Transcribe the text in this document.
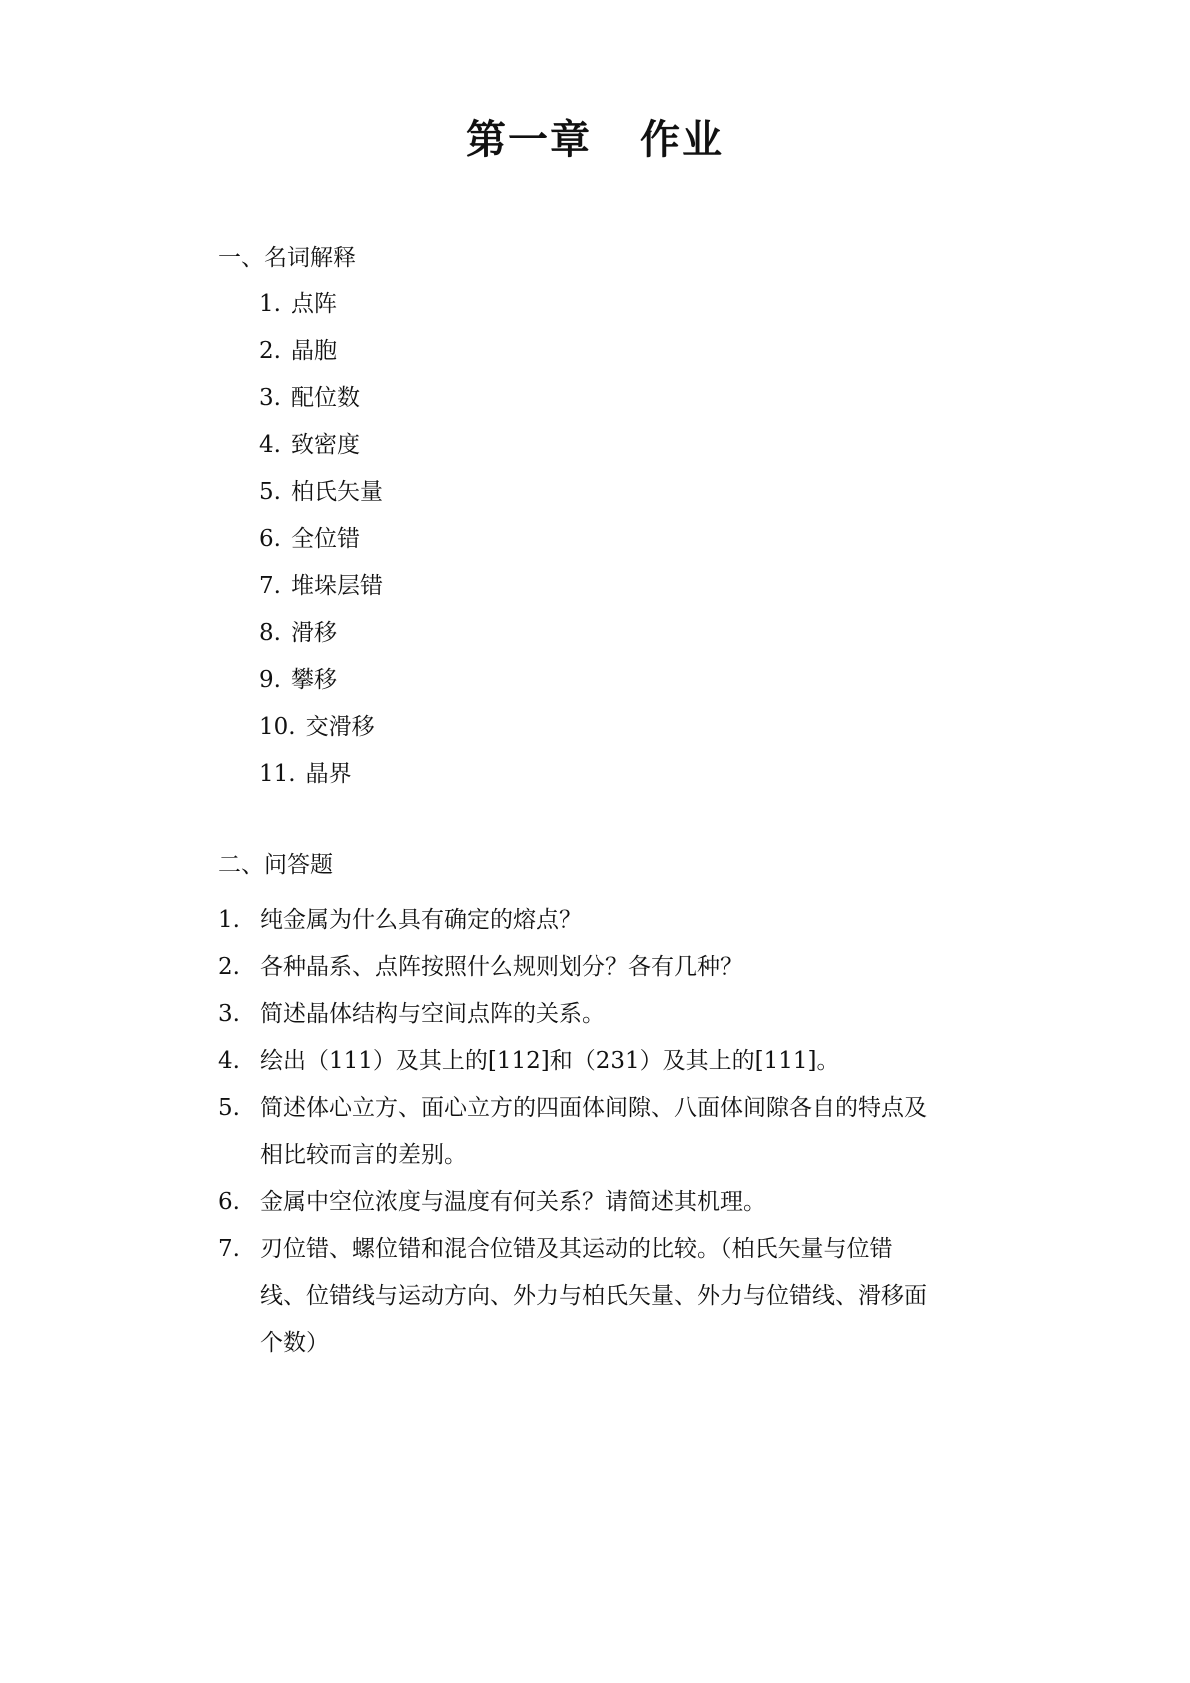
第一章 作业
一、名词解释
1. 点阵
2. 晶胞
3. 配位数
4. 致密度
5. 柏氏矢量
6. 全位错
7. 堆垛层错
8. 滑移
9. 攀移
10. 交滑移
11. 晶界
二、问答题
1. 纯金属为什么具有确定的熔点？
2. 各种晶系、点阵按照什么规则划分？各有几种？
3. 简述晶体结构与空间点阵的关系。
4. 绘出（111）及其上的[112]和（231）及其上的[111]。
5. 简述体心立方、面心立方的四面体间隙、八面体间隙各自的特点及
相比较而言的差别。
6. 金属中空位浓度与温度有何关系？请简述其机理。
7. 刃位错、螺位错和混合位错及其运动的比较。（柏氏矢量与位错
线、位错线与运动方向、外力与柏氏矢量、外力与位错线、滑移面
个数）
